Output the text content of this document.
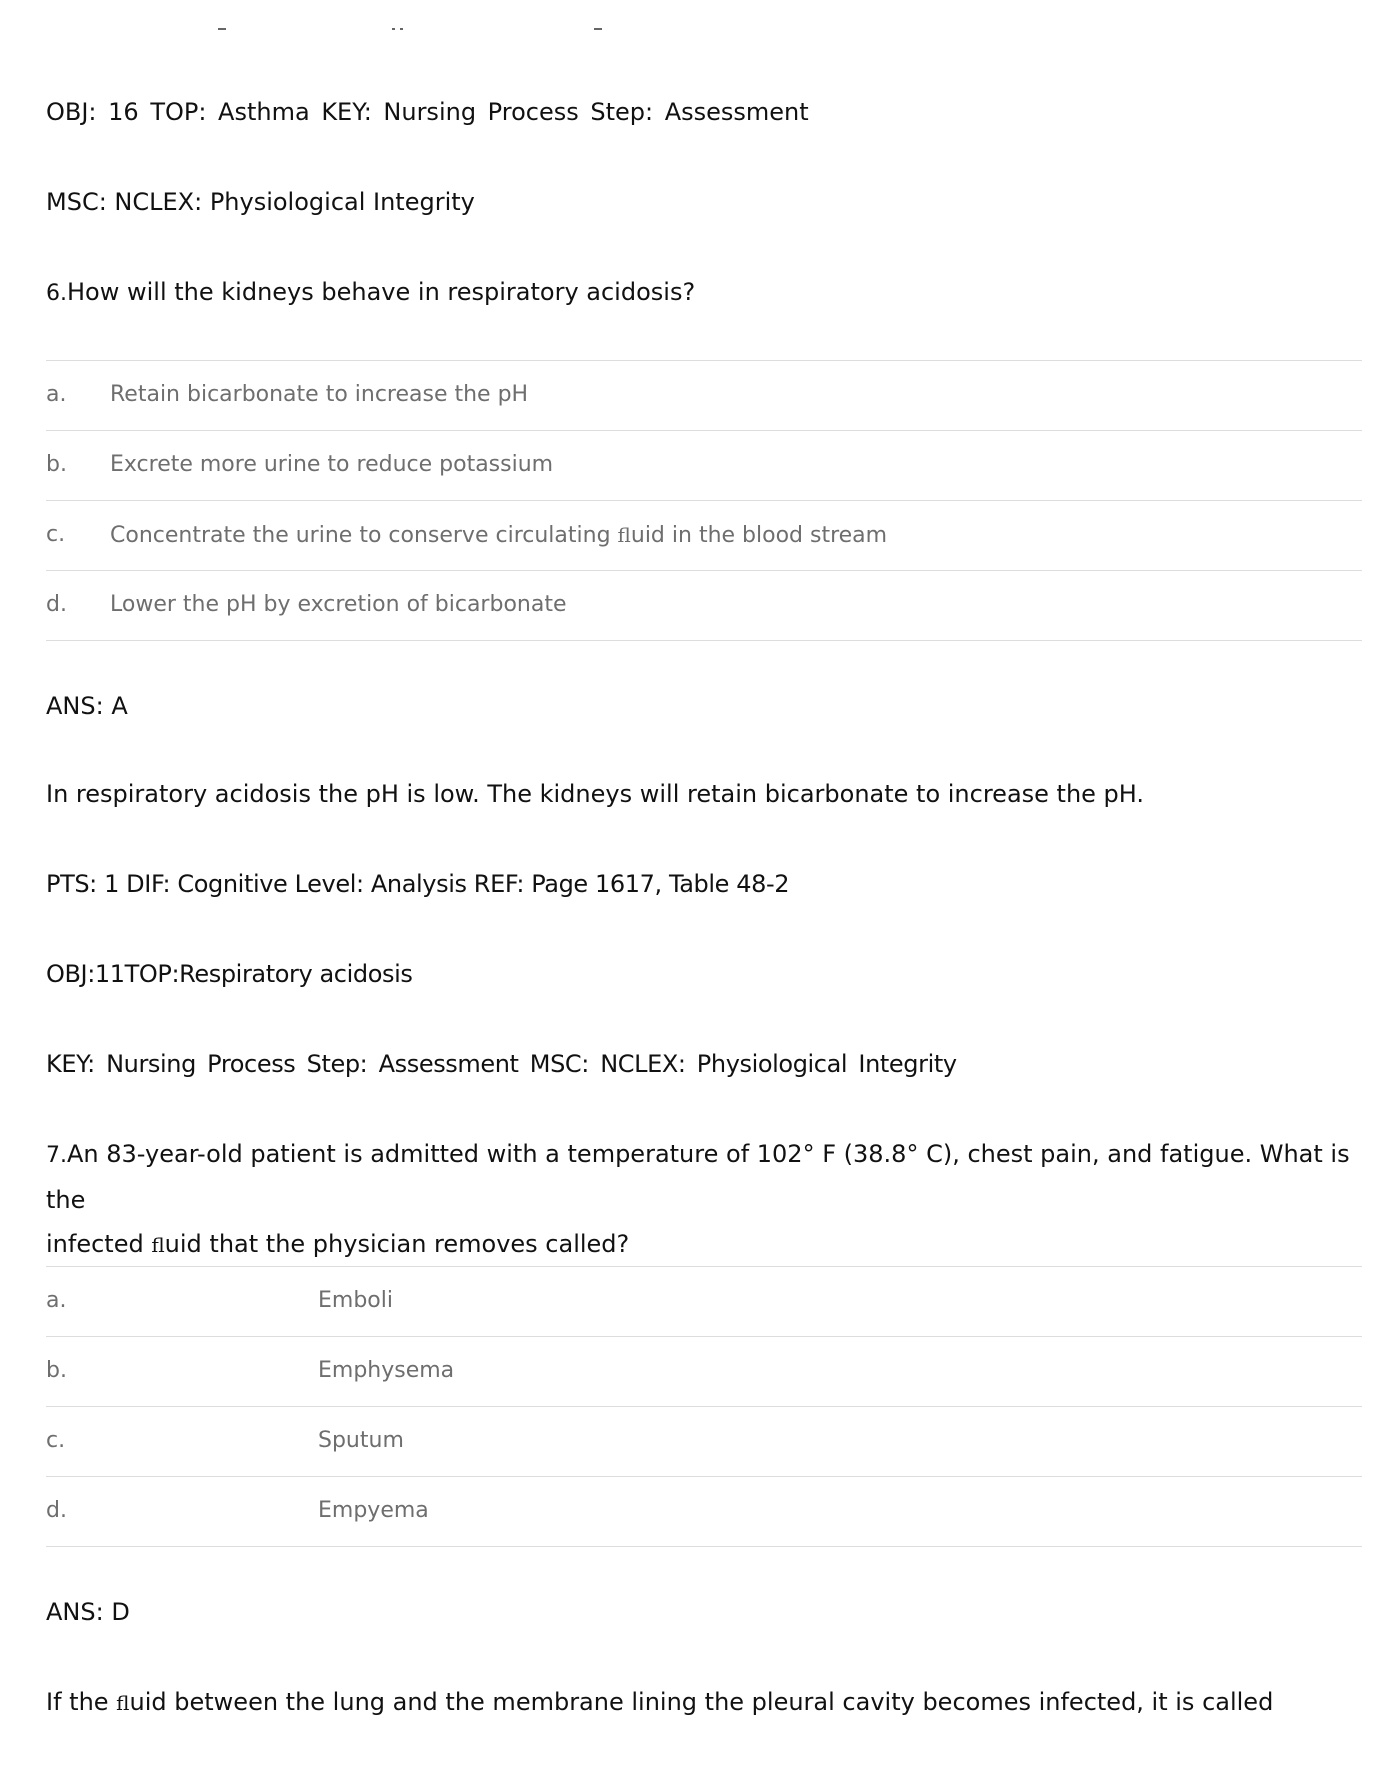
OBJ: 16 TOP: Asthma KEY: Nursing Process Step: Assessment
MSC: NCLEX: Physiological Integrity
6.How will the kidneys behave in respiratory acidosis?
a. Retain bicarbonate to increase the pH
b. Excrete more urine to reduce potassium
c. Concentrate the urine to conserve circulating ﬂuid in the blood stream
d. Lower the pH by excretion of bicarbonate
ANS: A
In respiratory acidosis the pH is low. The kidneys will retain bicarbonate to increase the pH.
PTS: 1 DIF: Cognitive Level: Analysis REF: Page 1617, Table 48-2
OBJ:11TOP:Respiratory acidosis
KEY: Nursing Process Step: Assessment MSC: NCLEX: Physiological Integrity
7.An 83-year-old patient is admitted with a temperature of 102° F (38.8° C), chest pain, and fatigue. What is the
infected ﬂuid that the physician removes called?
a.	Emboli
b.	Emphysema
c.	Sputum
d.	Empyema
ANS: D
If the ﬂuid between the lung and the membrane lining the pleural cavity becomes infected, it is called
